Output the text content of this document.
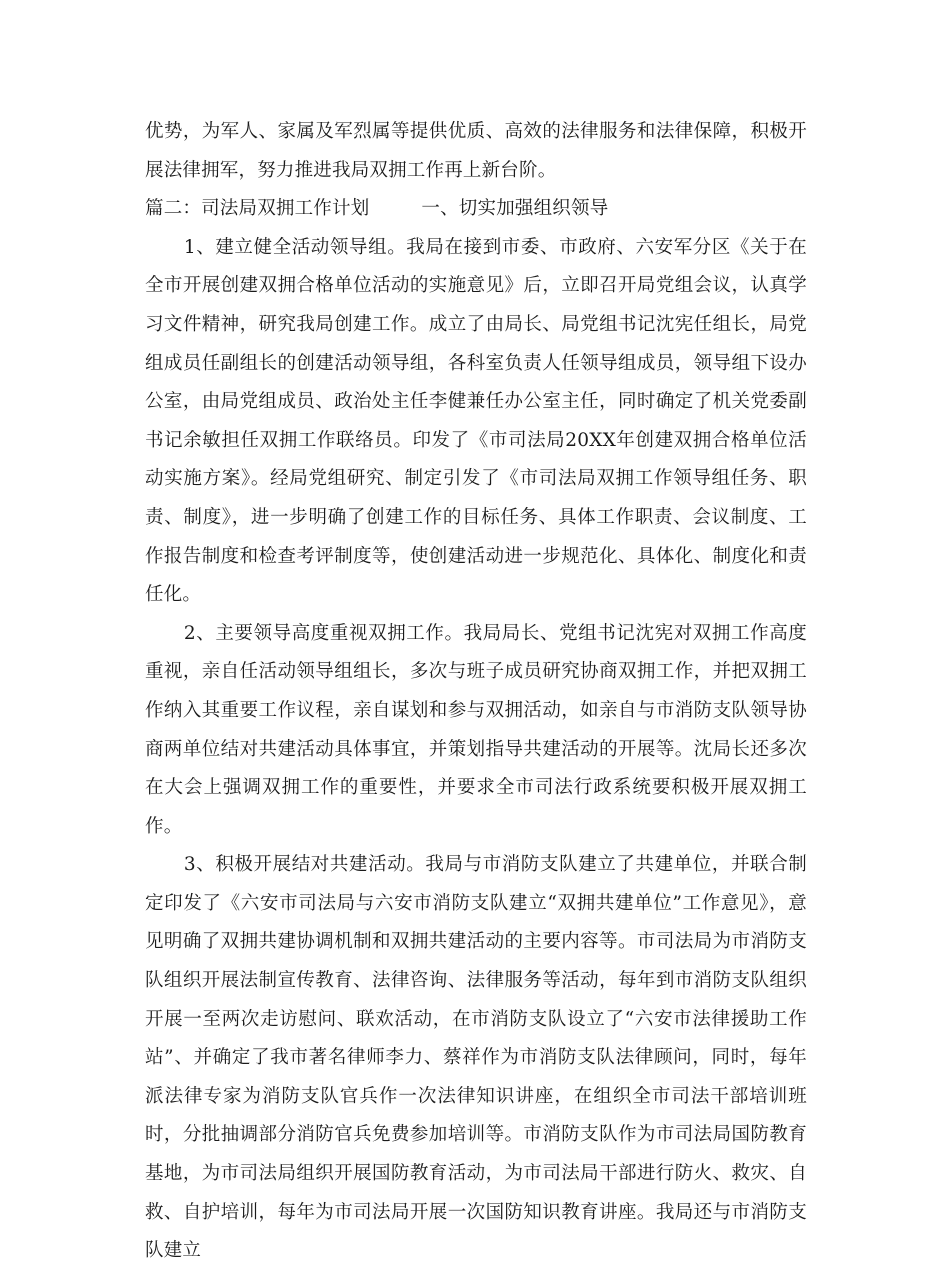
优势，为军人、家属及军烈属等提供优质、高效的法律服务和法律保障，积极开展法律拥军，努力推进我局双拥工作再上新台阶。

篇二：司法局双拥工作计划	一、切实加强组织领导

1、建立健全活动领导组。我局在接到市委、市政府、六安军分区《关于在全市开展创建双拥合格单位活动的实施意见》后，立即召开局党组会议，认真学习文件精神，研究我局创建工作。成立了由局长、局党组书记沈宪任组长，局党组成员任副组长的创建活动领导组，各科室负责人任领导组成员，领导组下设办公室，由局党组成员、政治处主任李健兼任办公室主任，同时确定了机关党委副书记余敏担任双拥工作联络员。印发了《市司法局20XX年创建双拥合格单位活动实施方案》。经局党组研究、制定引发了《市司法局双拥工作领导组任务、职责、制度》，进一步明确了创建工作的目标任务、具体工作职责、会议制度、工作报告制度和检查考评制度等，使创建活动进一步规范化、具体化、制度化和责任化。

2、主要领导高度重视双拥工作。我局局长、党组书记沈宪对双拥工作高度重视，亲自任活动领导组组长，多次与班子成员研究协商双拥工作，并把双拥工作纳入其重要工作议程，亲自谋划和参与双拥活动，如亲自与市消防支队领导协商两单位结对共建活动具体事宜，并策划指导共建活动的开展等。沈局长还多次在大会上强调双拥工作的重要性，并要求全市司法行政系统要积极开展双拥工作。

3、积极开展结对共建活动。我局与市消防支队建立了共建单位，并联合制定印发了《六安市司法局与六安市消防支队建立“双拥共建单位”工作意见》，意见明确了双拥共建协调机制和双拥共建活动的主要内容等。市司法局为市消防支队组织开展法制宣传教育、法律咨询、法律服务等活动，每年到市消防支队组织开展一至两次走访慰问、联欢活动，在市消防支队设立了“六安市法律援助工作站”、并确定了我市著名律师李力、蔡祥作为市消防支队法律顾问，同时，每年派法律专家为消防支队官兵作一次法律知识讲座，在组织全市司法干部培训班时，分批抽调部分消防官兵免费参加培训等。市消防支队作为市司法局国防教育基地，为市司法局组织开展国防教育活动，为市司法局干部进行防火、救灾、自救、自护培训，每年为市司法局开展一次国防知识教育讲座。我局还与市消防支队建立
